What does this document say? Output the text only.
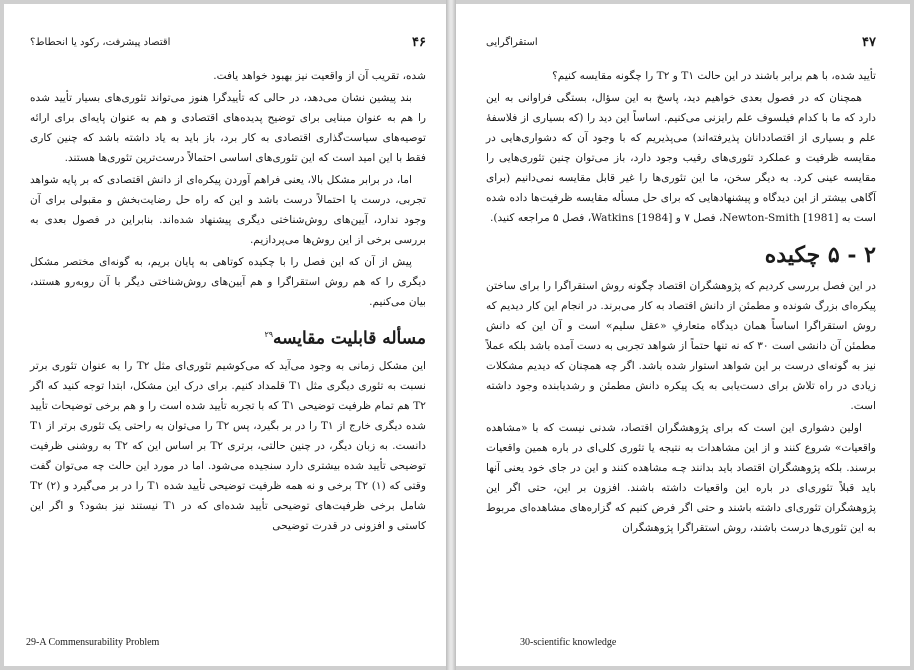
اقتصاد پیشرفت، رکود یا انحطاط؟	۴۶

شده، تقریب آن از واقعیت نیز بهبود خواهد یافت.

بند پیشین نشان می‌دهد، در حالی که تأییدگرا هنوز می‌تواند تئوری‌های بسیار تأیید شده را هم به عنوان مبنایی برای توضیح پدیده‌های اقتصادی و هم به عنوان پایه‌ای برای ارائه توصیه‌های سیاست‌گذاری اقتصادی به کار برد، باز باید به یاد داشته باشد که چنین کاری فقط با این امید است که این تئوری‌های اساسی احتمالاً درست‌ترین تئوری‌ها هستند.

اما، در برابر مشکل بالا، یعنی فراهم آوردن پیکره‌ای از دانش اقتصادی که بر پایه شواهد تجربی، درست یا احتمالاً درست باشد و این که راه حل رضایت‌بخش و مقبولی برای آن وجود ندارد، آیین‌های روش‌شناختی دیگری پیشنهاد شده‌اند. بنابراین در فصول بعدی به بررسی برخی از این روش‌ها می‌پردازیم.

پیش از آن که این فصل را با چکیده کوتاهی به پایان بریم، به گونه‌ای مختصر مشکل دیگری را که هم روش استقراگرا و هم آیین‌های روش‌شناختی دیگر با آن روبه‌رو هستند، بیان می‌کنیم.

مسأله قابلیت مقایسه$^{۲۹}$

این مشکل زمانی به وجود می‌آید که می‌کوشیم تئوری‌ای مثل T۲ را به عنوان تئوری برتر نسبت به تئوری دیگری مثل T۱ قلمداد کنیم. برای درک این مشکل، ابتدا توجه کنید که اگر T۲ هم تمام ظرفیت توضیحی T۱ که با تجربه تأیید شده است را و هم برخی توضیحات تأیید شده دیگری خارج از T۱ را در بر بگیرد، پس T۲ را می‌توان به راحتی یک تئوری برتر از T۱ دانست. به زبان دیگر، در چنین حالتی، برتری T۲ بر اساس این که T۲ به روشنی ظرفیت توضیحی تأیید شده بیشتری دارد سنجیده می‌شود. اما در مورد این حالت چه می‌توان گفت وقتی که (۱) T۲ برخی و نه همه ظرفیت توضیحی تأیید شده T۱ را در بر می‌گیرد و (۲) T۲ شامل برخی ظرفیت‌های توضیحی تأیید شده‌ای که در T۱ نیستند نیز بشود؟ و اگر این کاستی و افزونی در قدرت توضیحی

29-A Commensurability Problem
استقراگرایی	۴۷

تأیید شده، با هم برابر باشند در این حالت T۱ و T۲ را چگونه مقایسه کنیم؟

همچنان که در فصول بعدی خواهیم دید، پاسخ به این سؤال، بستگی فراوانی به این دارد که ما با کدام فیلسوف علم رایزنی می‌کنیم. اساساً این دید را (که بسیاری از فلاسفهٔ علم و بسیاری از اقتصاددانان پذیرفته‌اند) می‌پذیریم که با وجود آن که دشواری‌هایی در مقایسه ظرفیت و عملکرد تئوری‌های رقیب وجود دارد، باز می‌توان چنین تئوری‌هایی را مقایسه عینی کرد. به دیگر سخن، ما این تئوری‌ها را غیر قابل مقایسه نمی‌دانیم (برای آگاهی بیشتر از این دیدگاه و پیشنهادهایی که برای حل مسأله مقایسه ظرفیت‌ها داده شده است به [1981] Newton-Smith، فصل ۷ و [1984] Watkins، فصل ۵ مراجعه کنید).

۲ - ۵ چکیده

در این فصل بررسی کردیم که پژوهشگران اقتصاد چگونه روش استقراگرا را برای ساختن پیکره‌ای بزرگ شونده و مطمئن از دانش اقتصاد به کار می‌برند. در انجام این کار دیدیم که روش استقراگرا اساساً همان دیدگاه متعارفِ «عقل سلیم» است و آن این که دانش مطمئن آن دانشی است ۳۰ که نه تنها حتماً از شواهد تجربی به دست آمده باشد بلکه عملاً نیز به گونه‌ای درست بر این شواهد استوار شده باشد. اگر چه همچنان که دیدیم مشکلات زیادی در راه تلاش برای دست‌یابی به یک پیکره دانش مطمئن و رشدیابنده وجود داشته است.

اولین دشواری این است که برای پژوهشگران اقتصاد، شدنی نیست که با «مشاهده واقعیات» شروع کنند و از این مشاهدات به نتیجه یا تئوری کلی‌ای در باره همین واقعیات برسند. بلکه پژوهشگران اقتصاد باید بدانند چـه مشاهده کنند و این در جای خود یعنی آنها باید قبلاً تئوری‌ای در باره این واقعیات داشته باشند. افزون بر این، حتی اگر این پژوهشگران تئوری‌ای داشته باشند و حتی اگر فرض کنیم که گزاره‌های مشاهده‌ای مربوط به این تئوری‌ها درست باشند، روش استقراگرا پژوهشگران

30-scientific knowledge
